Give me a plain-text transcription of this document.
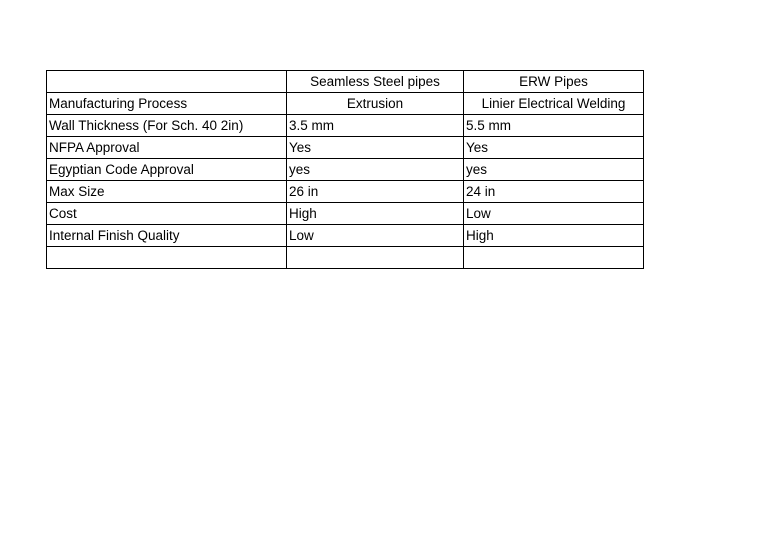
	Seamless Steel pipes	ERW Pipes
Manufacturing Process	Extrusion	Linier Electrical Welding
Wall Thickness (For Sch. 40 2in)	3.5 mm	5.5 mm
NFPA Approval	Yes	Yes
Egyptian Code Approval	yes	yes
Max Size	26 in	24 in
Cost	High	Low
Internal Finish Quality	Low	High
